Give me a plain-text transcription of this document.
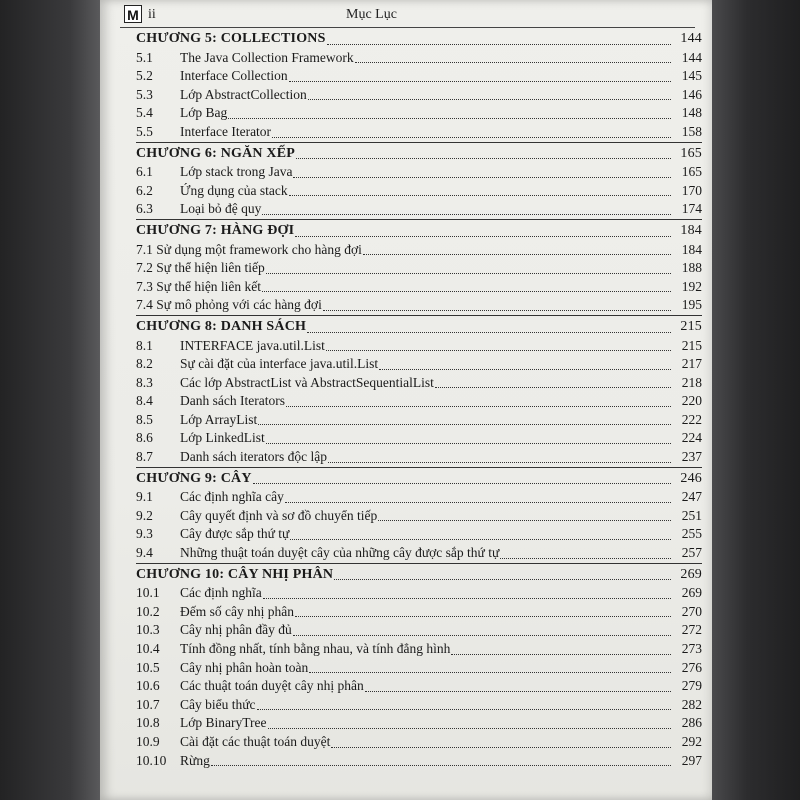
M ii	Mục Lục
CHƯƠNG 5: COLLECTIONS	144
5.1	The Java Collection Framework	144
5.2	Interface Collection	145
5.3	Lớp AbstractCollection	146
5.4	Lớp Bag	148
5.5	Interface Iterator	158
CHƯƠNG 6: NGĂN XẾP	165
6.1	Lớp stack trong Java	165
6.2	Ứng dụng của stack	170
6.3	Loại bỏ đệ quy	174
CHƯƠNG 7: HÀNG ĐỢI	184
7.1 Sử dụng một framework cho hàng đợi	184
7.2 Sự thể hiện liên tiếp	188
7.3 Sự thể hiện liên kết	192
7.4 Sự mô phỏng với các hàng đợi	195
CHƯƠNG 8: DANH SÁCH	215
8.1	INTERFACE java.util.List	215
8.2	Sự cài đặt của interface java.util.List	217
8.3	Các lớp AbstractList và AbstractSequentialList	218
8.4	Danh sách Iterators	220
8.5	Lớp ArrayList	222
8.6	Lớp LinkedList	224
8.7	Danh sách iterators độc lập	237
CHƯƠNG 9: CÂY	246
9.1	Các định nghĩa cây	247
9.2	Cây quyết định và sơ đồ chuyển tiếp	251
9.3	Cây được sắp thứ tự	255
9.4	Những thuật toán duyệt cây của những cây được sắp thứ tự	257
CHƯƠNG 10: CÂY NHỊ PHÂN	269
10.1	Các định nghĩa	269
10.2	Đếm số cây nhị phân	270
10.3	Cây nhị phân đầy đủ	272
10.4	Tính đồng nhất, tính bằng nhau, và tính đẳng hình	273
10.5	Cây nhị phân hoàn toàn	276
10.6	Các thuật toán duyệt cây nhị phân	279
10.7	Cây biểu thức	282
10.8	Lớp BinaryTree	286
10.9	Cài đặt các thuật toán duyệt	292
10.10	Rừng	297
